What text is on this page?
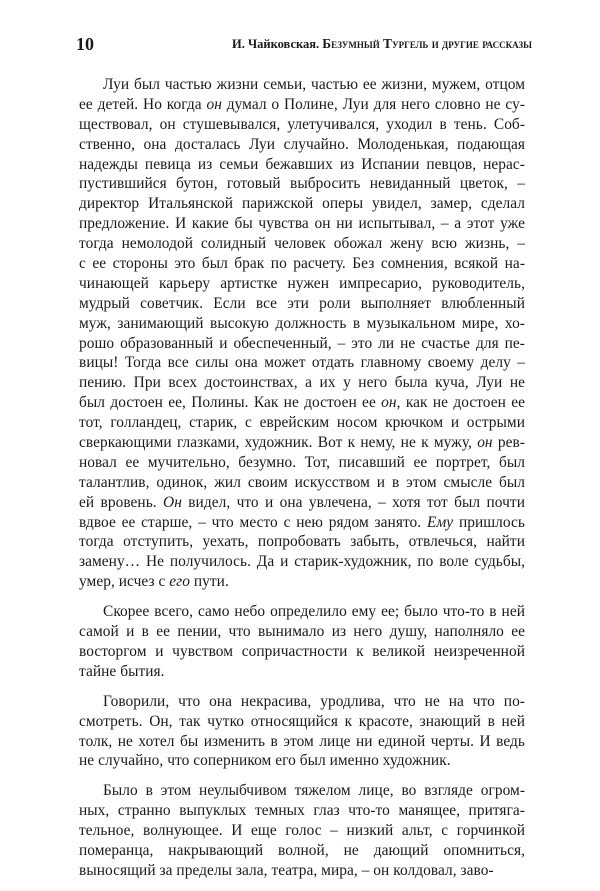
10	И. Чайковская. Безумный Тургель и другие рассказы
Луи был частью жизни семьи, частью ее жизни, мужем, отцом
ее детей. Но когда он думал о Полине, Луи для него словно не су-
ществовал, он стушевывался, улетучивался, уходил в тень. Соб-
ственно, она досталась Луи случайно. Молоденькая, подающая
надежды певица из семьи бежавших из Испании певцов, нерас-
пустившийся бутон, готовый выбросить невиданный цветок, –
директор Итальянской парижской оперы увидел, замер, сделал
предложение. И какие бы чувства он ни испытывал, – а этот уже
тогда немолодой солидный человек обожал жену всю жизнь, –
с ее стороны это был брак по расчету. Без сомнения, всякой на-
чинающей карьеру артистке нужен импресарио, руководитель,
мудрый советчик. Если все эти роли выполняет влюбленный
муж, занимающий высокую должность в музыкальном мире, хо-
рошо образованный и обеспеченный, – это ли не счастье для пе-
вицы! Тогда все силы она может отдать главному своему делу –
пению. При всех достоинствах, а их у него была куча, Луи не
был достоен ее, Полины. Как не достоен ее он, как не достоен ее
тот, голландец, старик, с еврейским носом крючком и острыми
сверкающими глазками, художник. Вот к нему, не к мужу, он рев-
новал ее мучительно, безумно. Тот, писавший ее портрет, был
талантлив, одинок, жил своим искусством и в этом смысле был
ей вровень. Он видел, что и она увлечена, – хотя тот был почти
вдвое ее старше, – что место с нею рядом занято. Ему пришлось
тогда отступить, уехать, попробовать забыть, отвлечься, найти
замену… Не получилось. Да и старик-художник, по воле судьбы,
умер, исчез с его пути.
Скорее всего, само небо определило ему ее; было что-то в ней
самой и в ее пении, что вынимало из него душу, наполняло ее
восторгом и чувством сопричастности к великой неизреченной
тайне бытия.
Говорили, что она некрасива, уродлива, что не на что по-
смотреть. Он, так чутко относящийся к красоте, знающий в ней
толк, не хотел бы изменить в этом лице ни единой черты. И ведь
не случайно, что соперником его был именно художник.
Было в этом неулыбчивом тяжелом лице, во взгляде огром-
ных, странно выпуклых темных глаз что-то манящее, притяга-
тельное, волнующее. И еще голос – низкий альт, с горчинкой
померанца, накрывающий волной, не дающий опомниться,
выносящий за пределы зала, театра, мира, – он колдовал, заво-
